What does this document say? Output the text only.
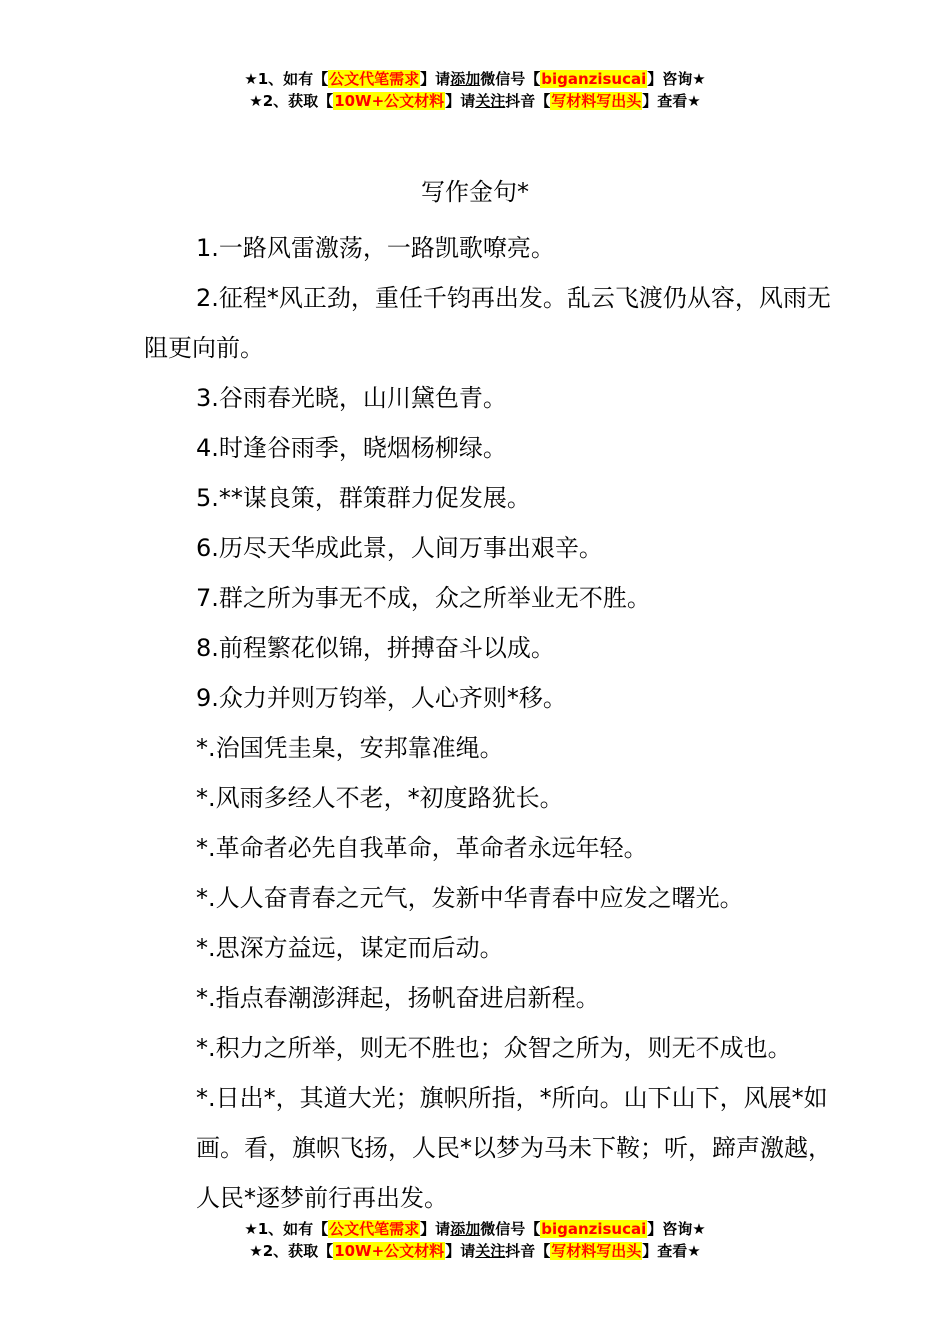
★1、如有【公文代笔需求】请添加微信号【biganzisucai】咨询★
★2、获取【10W+公文材料】请关注抖音【写材料写出头】查看★
写作金句*

1.一路风雷激荡，一路凯歌嘹亮。

2.征程*风正劲，重任千钧再出发。乱云飞渡仍从容，风雨无阻更向前。

3.谷雨春光晓，山川黛色青。

4.时逢谷雨季，晓烟杨柳绿。

5.**谋良策，群策群力促发展。

6.历尽天华成此景，人间万事出艰辛。

7.群之所为事无不成，众之所举业无不胜。

8.前程繁花似锦，拼搏奋斗以成。

9.众力并则万钧举，人心齐则*移。

*.治国凭圭臬，安邦靠准绳。

*.风雨多经人不老，*初度路犹长。

*.革命者必先自我革命，革命者永远年轻。

*.人人奋青春之元气，发新中华青春中应发之曙光。

*.思深方益远，谋定而后动。

*.指点春潮澎湃起，扬帆奋进启新程。

*.积力之所举，则无不胜也；众智之所为，则无不成也。

*.日出*，其道大光；旗帜所指，*所向。山下山下，风展*如画。看，旗帜飞扬，人民*以梦为马未下鞍；听，蹄声激越，人民*逐梦前行再出发。

★1、如有【公文代笔需求】请添加微信号【biganzisucai】咨询★
★2、获取【10W+公文材料】请关注抖音【写材料写出头】查看★
